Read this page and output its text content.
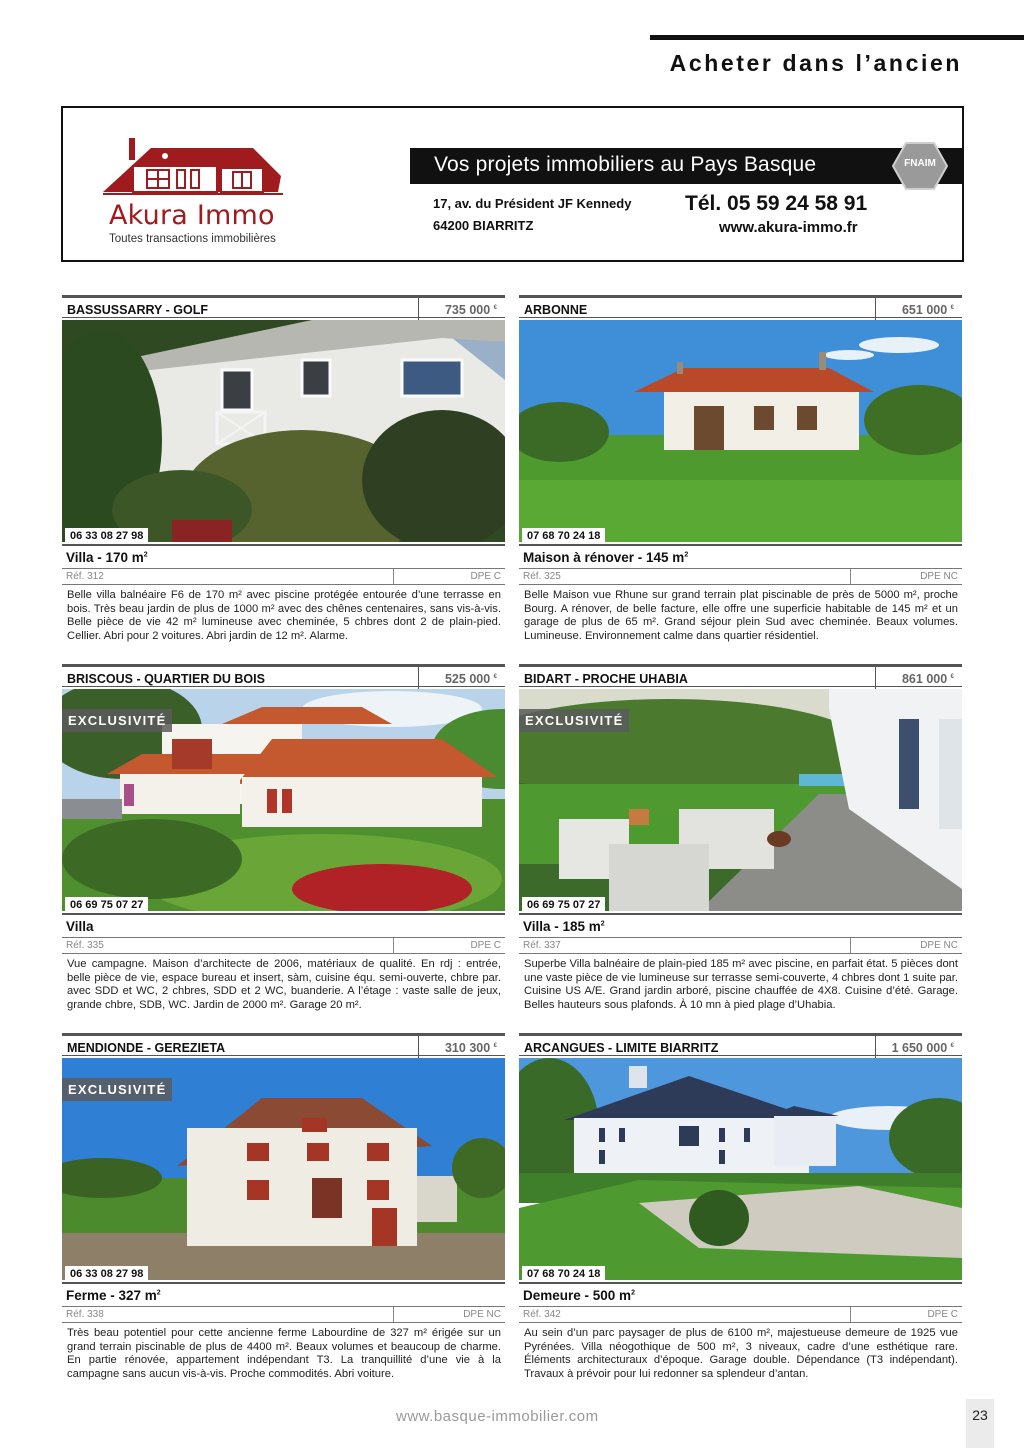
Acheter dans l’ancien
Akura Immo
Toutes transactions immobilières
Vos projets immobiliers au Pays Basque	FNAIM
17, av. du Président JF Kennedy
64200 BIARRITZ
Tél. 05 59 24 58 91
www.akura-immo.fr
BASSUSSARRY - GOLF	735 000 €
06 33 08 27 98
Villa - 170 $m^2$
Réf. 312	DPE C

Belle villa balnéaire F6 de 170 m² avec piscine protégée entourée d’une terrasse en bois. Très beau jardin de plus de 1000 m² avec des chênes centenaires, sans vis-à-vis. Belle pièce de vie 42 m² lumineuse avec cheminée, 5 chbres dont 2 de plain-pied. Cellier. Abri pour 2 voitures. Abri jardin de 12 m². Alarme.

ARBONNE	651 000 €
07 68 70 24 18
Maison à rénover - 145 $m^2$
Réf. 325	DPE NC

Belle Maison vue Rhune sur grand terrain plat piscinable de près de 5000 m², proche Bourg. A rénover, de belle facture, elle offre une superficie habitable de 145 m² et un garage de plus de 65 m². Grand séjour plein Sud avec cheminée. Beaux volumes. Lumineuse. Environnement calme dans quartier résidentiel.

BRISCOUS - QUARTIER DU BOIS	525 000 €
EXCLUSIVITÉ
06 69 75 07 27
Villa
Réf. 335	DPE C

Vue campagne. Maison d’architecte de 2006, matériaux de qualité. En rdj : entrée, belle pièce de vie, espace bureau et insert, sàm, cuisine équ. semi-ouverte, chbre par. avec SDD et WC, 2 chbres, SDD et 2 WC, buanderie. A l’étage : vaste salle de jeux, grande chbre, SDB, WC. Jardin de 2000 m². Garage 20 m².

BIDART - PROCHE UHABIA	861 000 €
EXCLUSIVITÉ
06 69 75 07 27
Villa - 185 $m^2$
Réf. 337	DPE NC

Superbe Villa balnéaire de plain-pied 185 m² avec piscine, en parfait état. 5 pièces dont une vaste pièce de vie lumineuse sur terrasse semi-couverte, 4 chbres dont 1 suite par. Cuisine US A/E. Grand jardin arboré, piscine chauffée de 4X8. Cuisine d’été. Garage. Belles hauteurs sous plafonds. À 10 mn à pied plage d’Uhabia.

MENDIONDE - GEREZIETA	310 300 €
EXCLUSIVITÉ
06 33 08 27 98
Ferme - 327 $m^2$
Réf. 338	DPE NC

Très beau potentiel pour cette ancienne ferme Labourdine de 327 m² érigée sur un grand terrain piscinable de plus de 4400 m². Beaux volumes et beaucoup de charme. En partie rénovée, appartement indépendant T3. La tranquillité d’une vie à la campagne sans aucun vis-à-vis. Proche commodités. Abri voiture.

ARCANGUES - LIMITE BIARRITZ	1 650 000 €
07 68 70 24 18
Demeure - 500 $m^2$
Réf. 342	DPE C

Au sein d’un parc paysager de plus de 6100 m², majestueuse demeure de 1925 vue Pyrénées. Villa néogothique de 500 m², 3 niveaux, cadre d’une esthétique rare. Éléments architecturaux d’époque. Garage double. Dépendance (T3 indépendant). Travaux à prévoir pour lui redonner sa splendeur d’antan.

www.basque-immobilier.com	23
